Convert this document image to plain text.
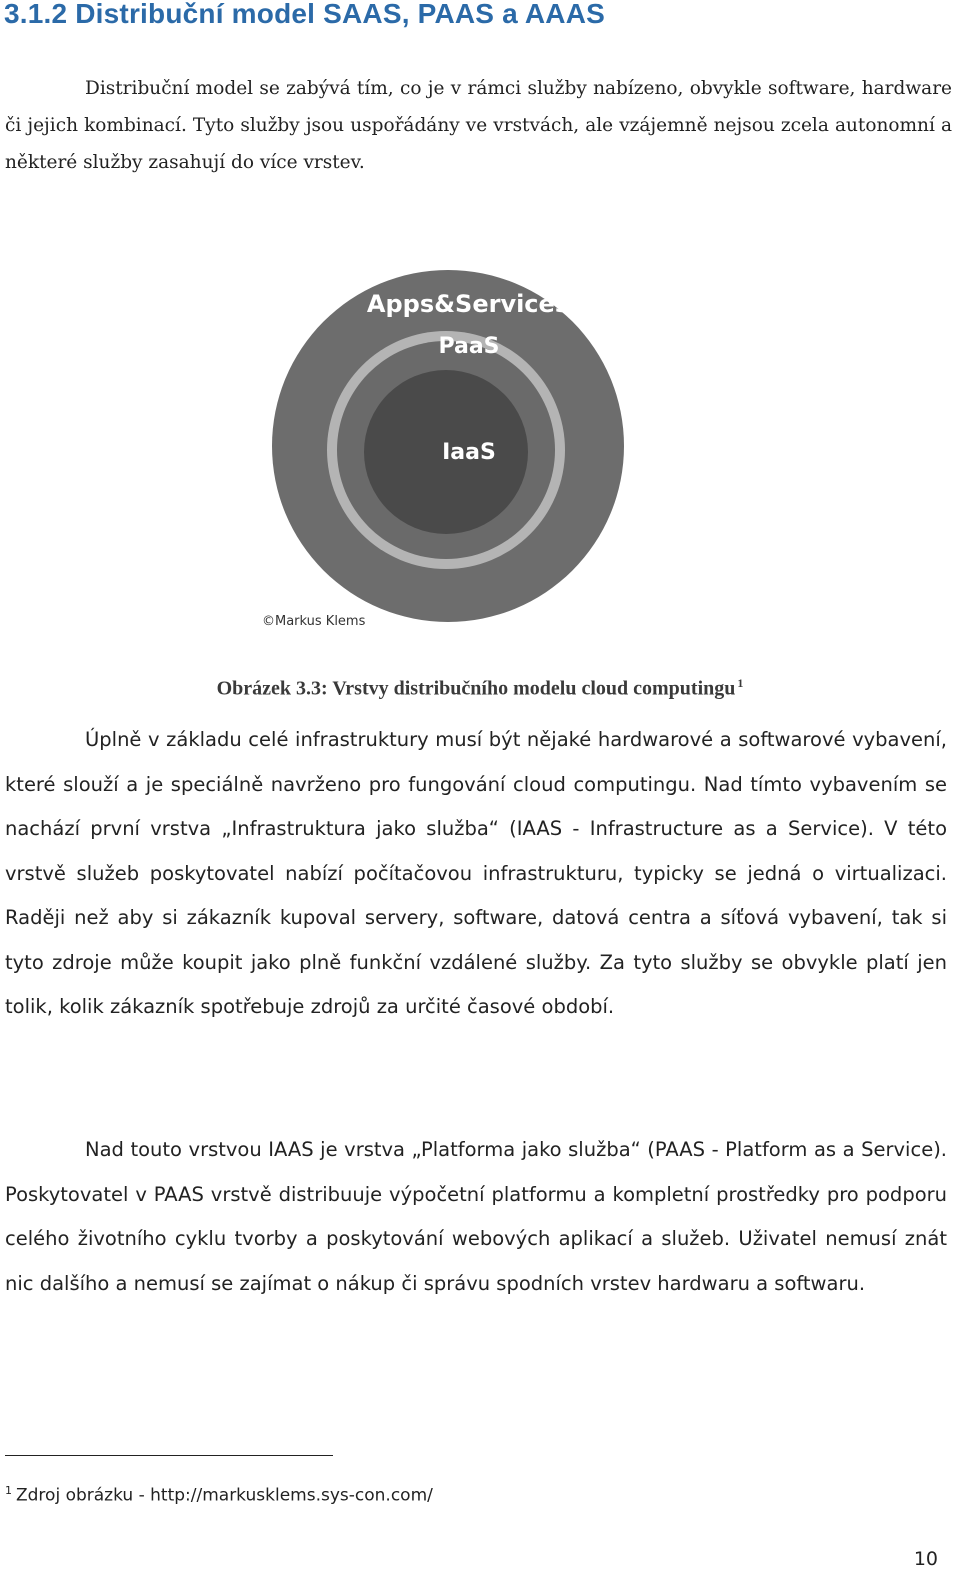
3.1.2 Distribuční model SAAS, PAAS a AAAS

Distribuční model se zabývá tím, co je v rámci služby nabízeno, obvykle software, hardware či jejich kombinací. Tyto služby jsou uspořádány ve vrstvách, ale vzájemně nejsou zcela autonomní a některé služby zasahují do více vrstev.

Apps&Services
PaaS
IaaS
©Markus Klems

Obrázek 3.3: Vrstvy distribučního modelu cloud computingu $^1$

Úplně v základu celé infrastruktury musí být nějaké hardwarové a softwarové vybavení, které slouží a je speciálně navrženo pro fungování cloud computingu. Nad tímto vybavením se nachází první vrstva „Infrastruktura jako služba“ (IAAS - Infrastructure as a Service). V této vrstvě služeb poskytovatel nabízí počítačovou infrastrukturu, typicky se jedná o virtualizaci. Raději než aby si zákazník kupoval servery, software, datová centra a síťová vybavení, tak si tyto zdroje může koupit jako plně funkční vzdálené služby. Za tyto služby se obvykle platí jen tolik, kolik zákazník spotřebuje zdrojů za určité časové období.

Nad touto vrstvou IAAS je vrstva „Platforma jako služba“ (PAAS - Platform as a Service). Poskytovatel v PAAS vrstvě distribuuje výpočetní platformu a kompletní prostředky pro podporu celého životního cyklu tvorby a poskytování webových aplikací a služeb. Uživatel nemusí znát nic dalšího a nemusí se zajímat o nákup či správu spodních vrstev hardwaru a softwaru.

$^1$ Zdroj obrázku - http://markusklems.sys-con.com/

10
